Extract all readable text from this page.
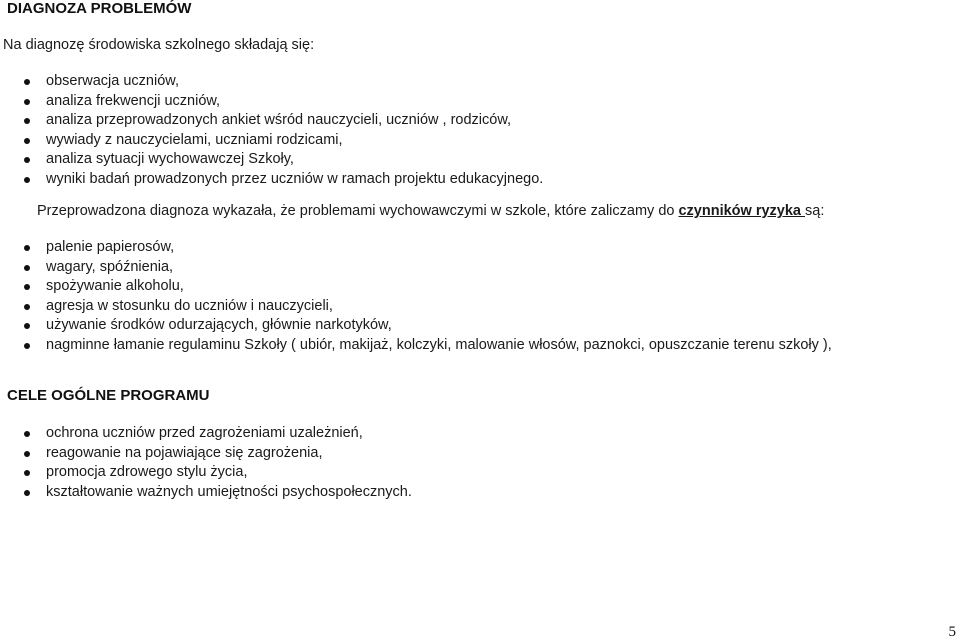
DIAGNOZA PROBLEMÓW
Na diagnozę środowiska szkolnego składają się:
obserwacja uczniów,
analiza frekwencji uczniów,
analiza przeprowadzonych ankiet wśród nauczycieli, uczniów , rodziców,
wywiady z nauczycielami, uczniami rodzicami,
analiza sytuacji wychowawczej Szkoły,
wyniki badań prowadzonych przez uczniów w ramach projektu edukacyjnego.
Przeprowadzona diagnoza wykazała, że problemami wychowawczymi w szkole, które zaliczamy do czynników ryzyka są:
palenie papierosów,
wagary, spóźnienia,
spożywanie alkoholu,
agresja w stosunku do uczniów i nauczycieli,
używanie środków odurzających, głównie narkotyków,
nagminne łamanie regulaminu Szkoły ( ubiór, makijaż, kolczyki, malowanie włosów, paznokci, opuszczanie terenu szkoły ),
CELE OGÓLNE PROGRAMU
ochrona uczniów przed zagrożeniami uzależnień,
reagowanie na pojawiające się zagrożenia,
promocja zdrowego stylu życia,
kształtowanie ważnych umiejętności psychospołecznych.
5
